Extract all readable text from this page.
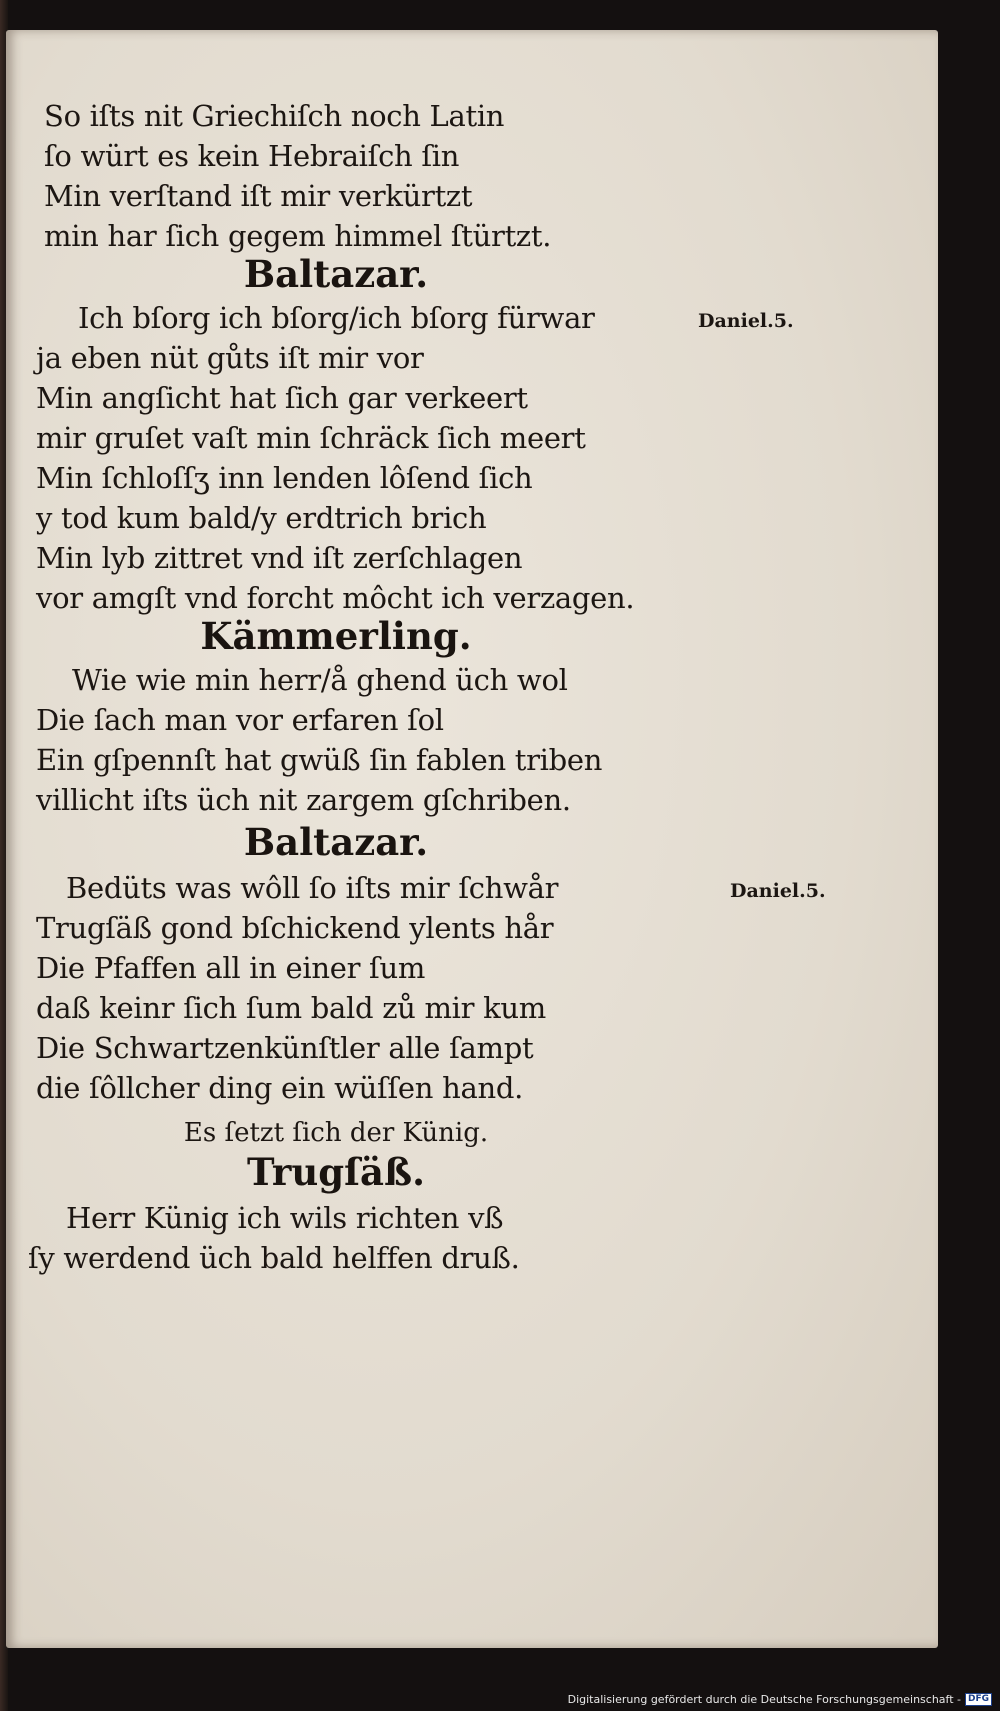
So iſts nit Griechiſch noch Latin

ſo würt es kein Hebraiſch ſin

Min verſtand iſt mir verkürtzt

min har ſich gegem himmel ſtürtzt.

Baltazar.

Ich bſorg ich bſorg/ich bſorg fürwar	Daniel.5.

ja eben nüt gůts iſt mir vor

Min angſicht hat ſich gar verkeert

mir gruſet vaſt min ſchräck ſich meert

Min ſchloſſʒ inn lenden lôſend ſich

y tod kum bald/y erdtrich brich

Min lyb zittret vnd iſt zerſchlagen

vor amgſt vnd forcht môcht ich verzagen.

Kämmerling.

Wie wie min herr/å ghend üch wol

Die ſach man vor erfaren ſol

Ein gſpennſt hat gwüß ſin fablen triben

villicht iſts üch nit zargem gſchriben.

Baltazar.

Bedüts was wôll ſo iſts mir ſchwår	Daniel.5.

Trugſäß gond bſchickend ylents hår

Die Pfaffen all in einer ſum

daß keinr ſich ſum bald zů mir kum

Die Schwartzenkünſtler alle ſampt

die ſôllcher ding ein wüſſen hand.

Es ſetzt ſich der Künig.

Trugſäß.

Herr Künig ich wils richten vß

ſy werdend üch bald helffen druß.

Digitalisierung gefördert durch die Deutsche Forschungsgemeinschaft - DFG
